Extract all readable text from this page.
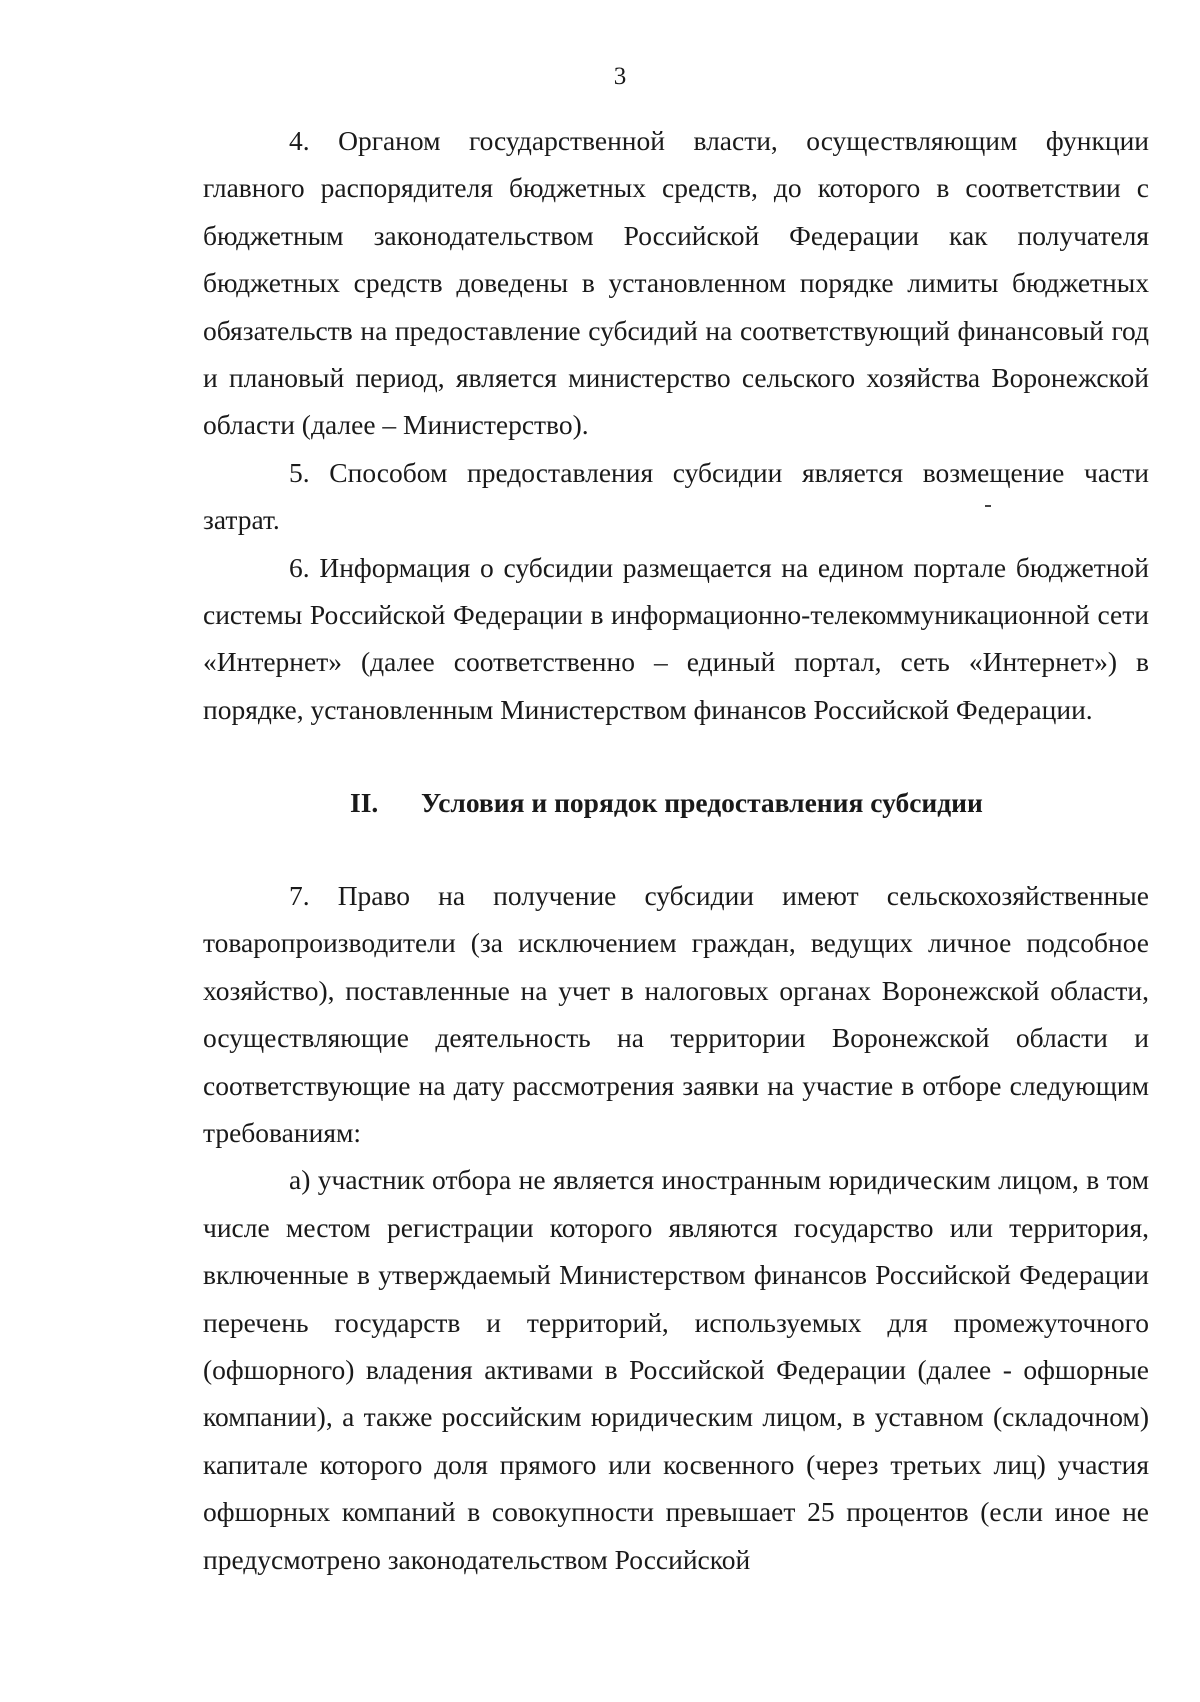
3

4. Органом государственной власти, осуществляющим функции главного распорядителя бюджетных средств, до которого в соответствии с бюджетным законодательством Российской Федерации как получателя бюджетных средств доведены в установленном порядке лимиты бюджетных обязательств на предоставление субсидий на соответствующий финансовый год и плановый период, является министерство сельского хозяйства Воронежской области (далее – Министерство).

5. Способом предоставления субсидии является возмещение части затрат.

6. Информация о субсидии размещается на едином портале бюджетной системы Российской Федерации в информационно-телекоммуникационной сети «Интернет» (далее соответственно – единый портал, сеть «Интернет») в порядке, установленным Министерством финансов Российской Федерации.

II. Условия и порядок предоставления субсидии

7. Право на получение субсидии имеют сельскохозяйственные товаропроизводители (за исключением граждан, ведущих личное подсобное хозяйство), поставленные на учет в налоговых органах Воронежской области, осуществляющие деятельность на территории Воронежской области и соответствующие на дату рассмотрения заявки на участие в отборе следующим требованиям:

а) участник отбора не является иностранным юридическим лицом, в том числе местом регистрации которого являются государство или территория, включенные в утверждаемый Министерством финансов Российской Федерации перечень государств и территорий, используемых для промежуточного (офшорного) владения активами в Российской Федерации (далее - офшорные компании), а также российским юридическим лицом, в уставном (складочном) капитале которого доля прямого или косвенного (через третьих лиц) участия офшорных компаний в совокупности превышает 25 процентов (если иное не предусмотрено законодательством Российской
